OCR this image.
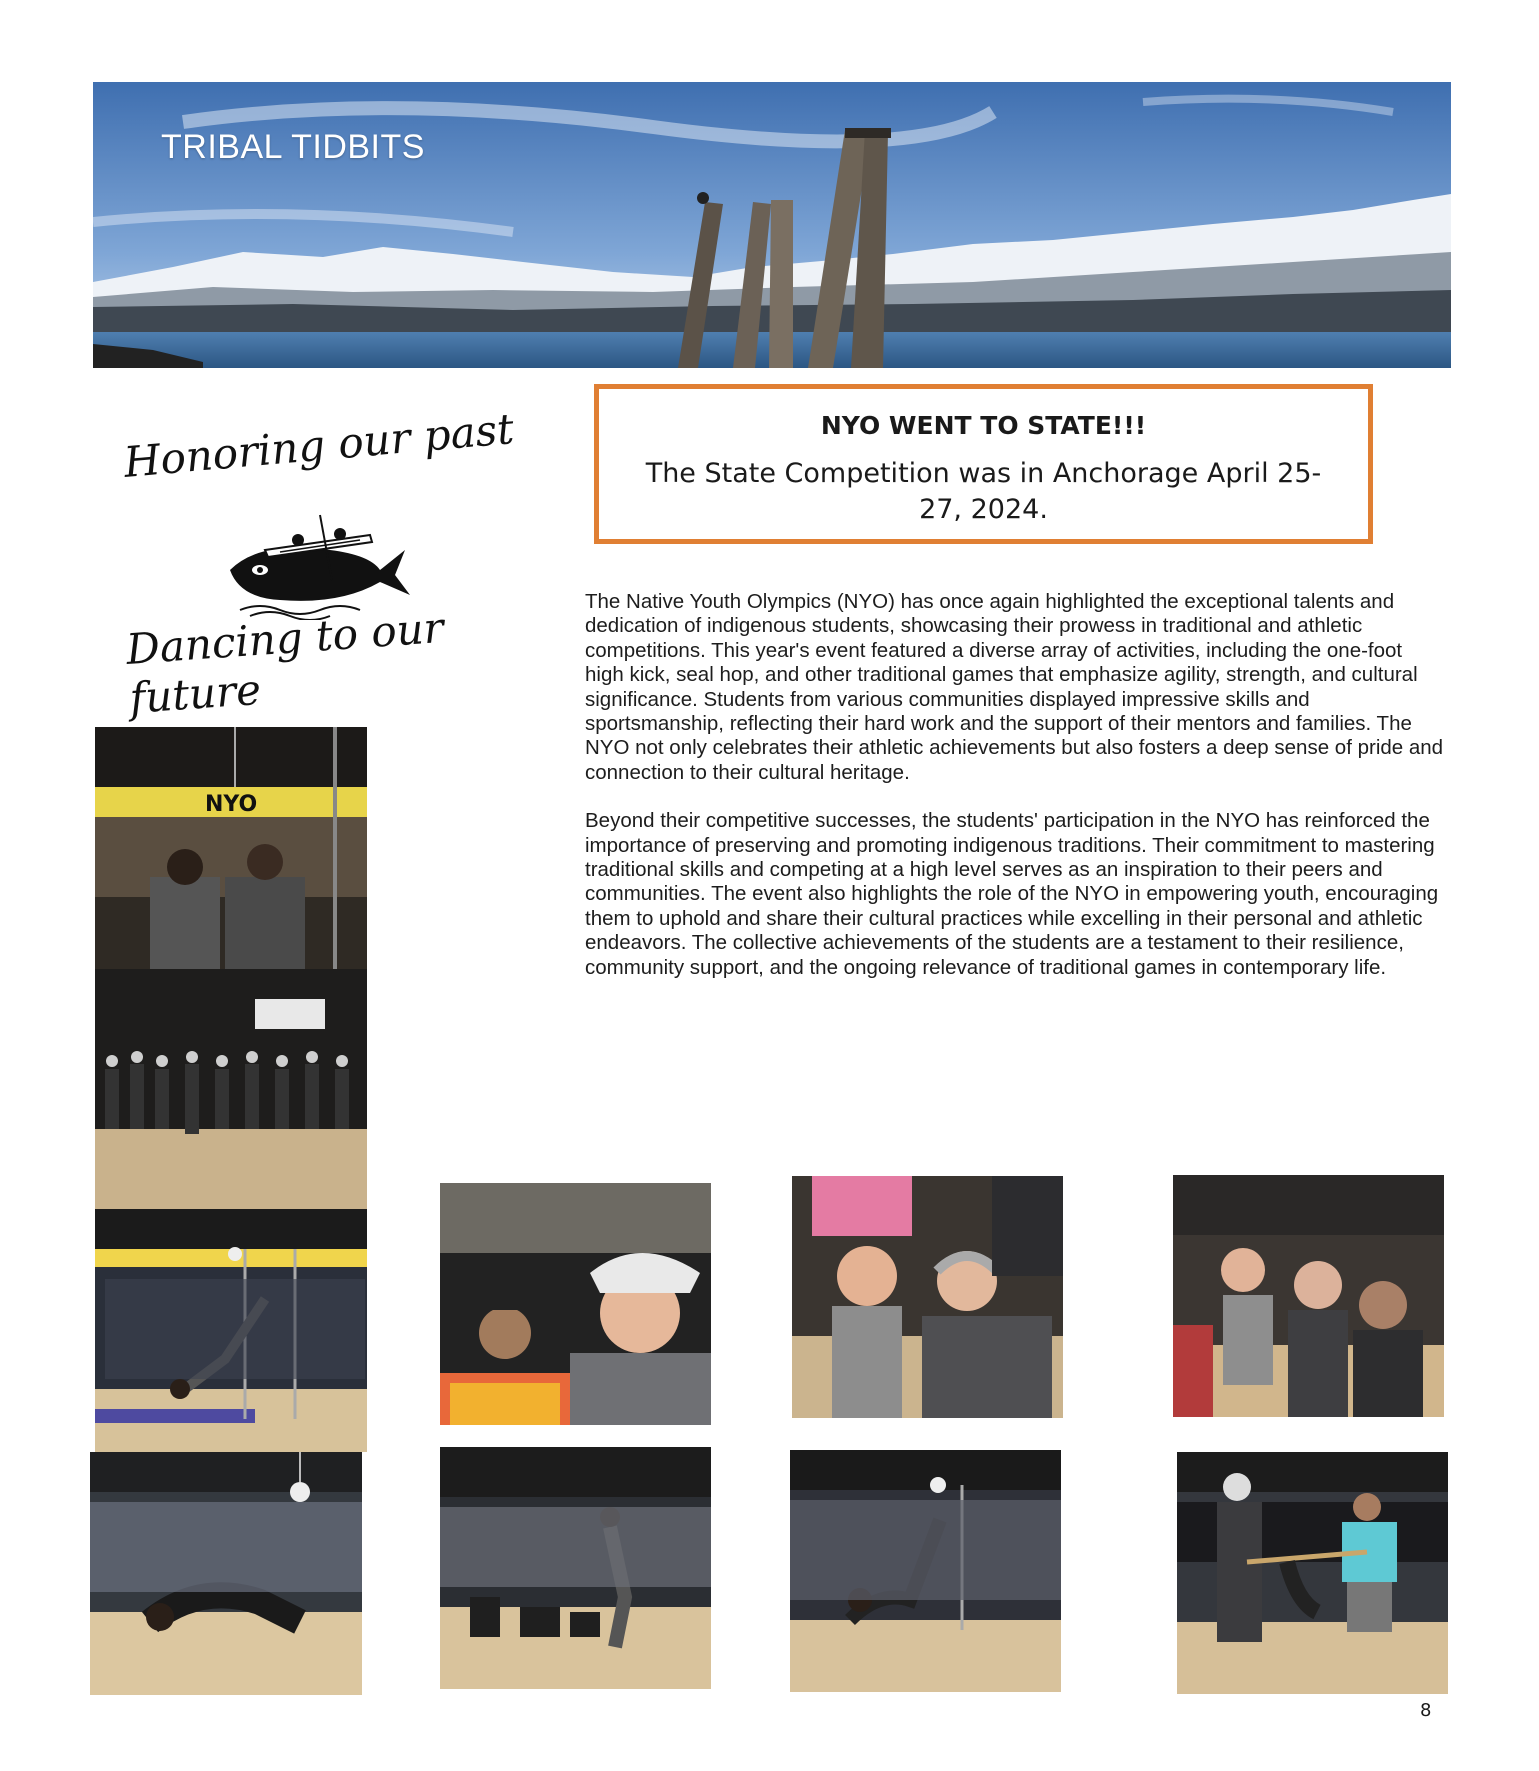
TRIBAL TIDBITS
Honoring our past
Dancing to our future
NYO WENT TO STATE!!!
The State Competition was in Anchorage April 25-27, 2024.

The Native Youth Olympics (NYO) has once again highlighted the exceptional talents and dedication of indigenous students, showcasing their prowess in traditional and athletic competitions. This year's event featured a diverse array of activities, including the one-foot high kick, seal hop, and other traditional games that emphasize agility, strength, and cultural significance. Students from various communities displayed impressive skills and sportsmanship, reflecting their hard work and the support of their mentors and families. The NYO not only celebrates their athletic achievements but also fosters a deep sense of pride and connection to their cultural heritage.

Beyond their competitive successes, the students' participation in the NYO has reinforced the importance of preserving and promoting indigenous traditions. Their commitment to mastering traditional skills and competing at a high level serves as an inspiration to their peers and communities. The event also highlights the role of the NYO in empowering youth, encouraging them to uphold and share their cultural practices while excelling in their personal and athletic endeavors. The collective achievements of the students are a testament to their resilience, community support, and the ongoing relevance of traditional games in contemporary life.

NYO
8
